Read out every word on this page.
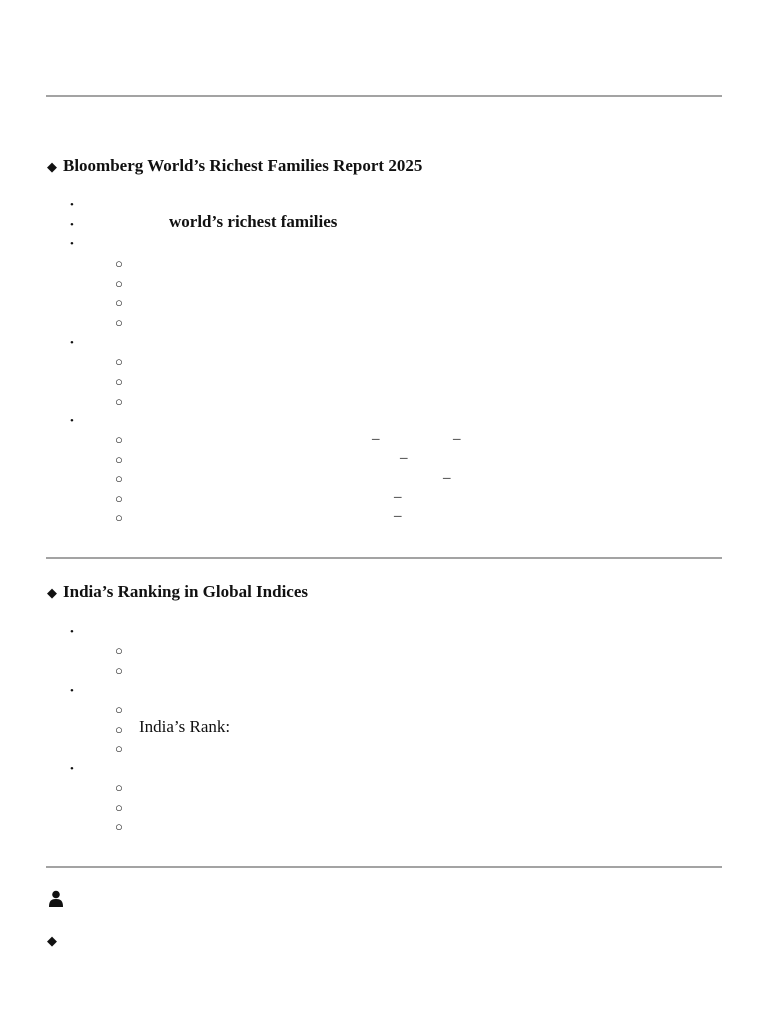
◆ Bloomberg World’s Richest Families Report 2025
•
•	world’s richest families
•
○
○
○
○
•
○
○
○
•
○	–	–
○	–
○	–
○	–
○	–
◆ India’s Ranking in Global Indices
•
○
○
•
○
○ India’s Rank:
○
•
○
○
○
◆
